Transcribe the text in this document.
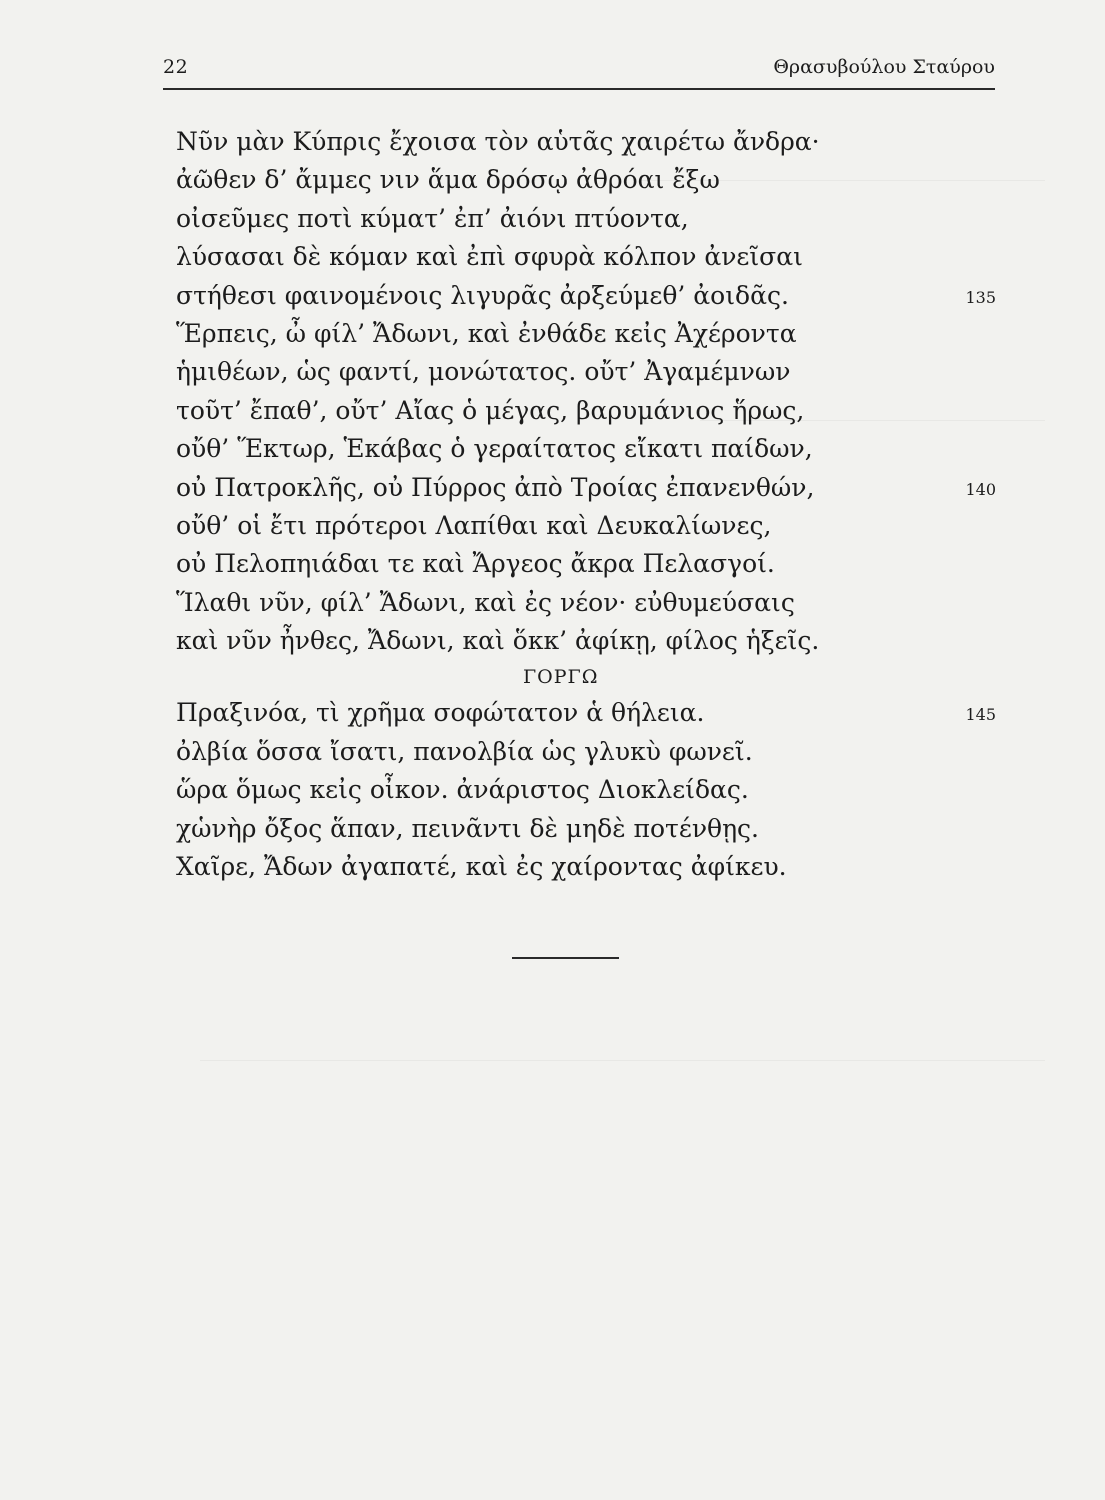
22	Θρασυβούλου Σταύρου
Νῦν μὰν Κύπρις ἔχοισα τὸν αὑτᾶς χαιρέτω ἄνδρα·
ἀῶθεν δ’ ἄμμες νιν ἅμα δρόσῳ ἀθρόαι ἔξω
οἰσεῦμες ποτὶ κύματ’ ἐπ’ ἀιόνι πτύοντα,
λύσασαι δὲ κόμαν καὶ ἐπὶ σφυρὰ κόλπον ἀνεῖσαι
στήθεσι φαινομένοις λιγυρᾶς ἀρξεύμεθ’ ἀοιδᾶς.	135
Ἕρπεις, ὦ φίλ’ Ἄδωνι, καὶ ἐνθάδε κεἰς Ἀχέροντα
ἡμιθέων, ὡς φαντί, μονώτατος. οὔτ’ Ἀγαμέμνων
τοῦτ’ ἔπαθ’, οὔτ’ Αἴας ὁ μέγας, βαρυμάνιος ἥρως,
οὔθ’ Ἕκτωρ, Ἑκάβας ὁ γεραίτατος εἴκατι παίδων,
οὐ Πατροκλῆς, οὐ Πύρρος ἀπὸ Τροίας ἐπανενθών,	140
οὔθ’ οἱ ἔτι πρότεροι Λαπίθαι καὶ Δευκαλίωνες,
οὐ Πελοπηιάδαι τε καὶ Ἄργεος ἄκρα Πελασγοί.
Ἵλαθι νῦν, φίλ’ Ἄδωνι, καὶ ἐς νέον· εὐθυμεύσαις
καὶ νῦν ἦνθες, Ἄδωνι, καὶ ὅκκ’ ἀφίκῃ, φίλος ἡξεῖς.
ΓΟΡΓΩ
Πραξινόα, τὶ χρῆμα σοφώτατον ἁ θήλεια.	145
ὀλβία ὅσσα ἴσατι, πανολβία ὡς γλυκὺ φωνεῖ.
ὥρα ὅμως κεἰς οἶκον. ἀνάριστος Διοκλείδας.
χὡνὴρ ὄξος ἅπαν, πεινᾶντι δὲ μηδὲ ποτένθῃς.
Χαῖρε, Ἄδων ἀγαπατέ, καὶ ἐς χαίροντας ἀφίκευ.
